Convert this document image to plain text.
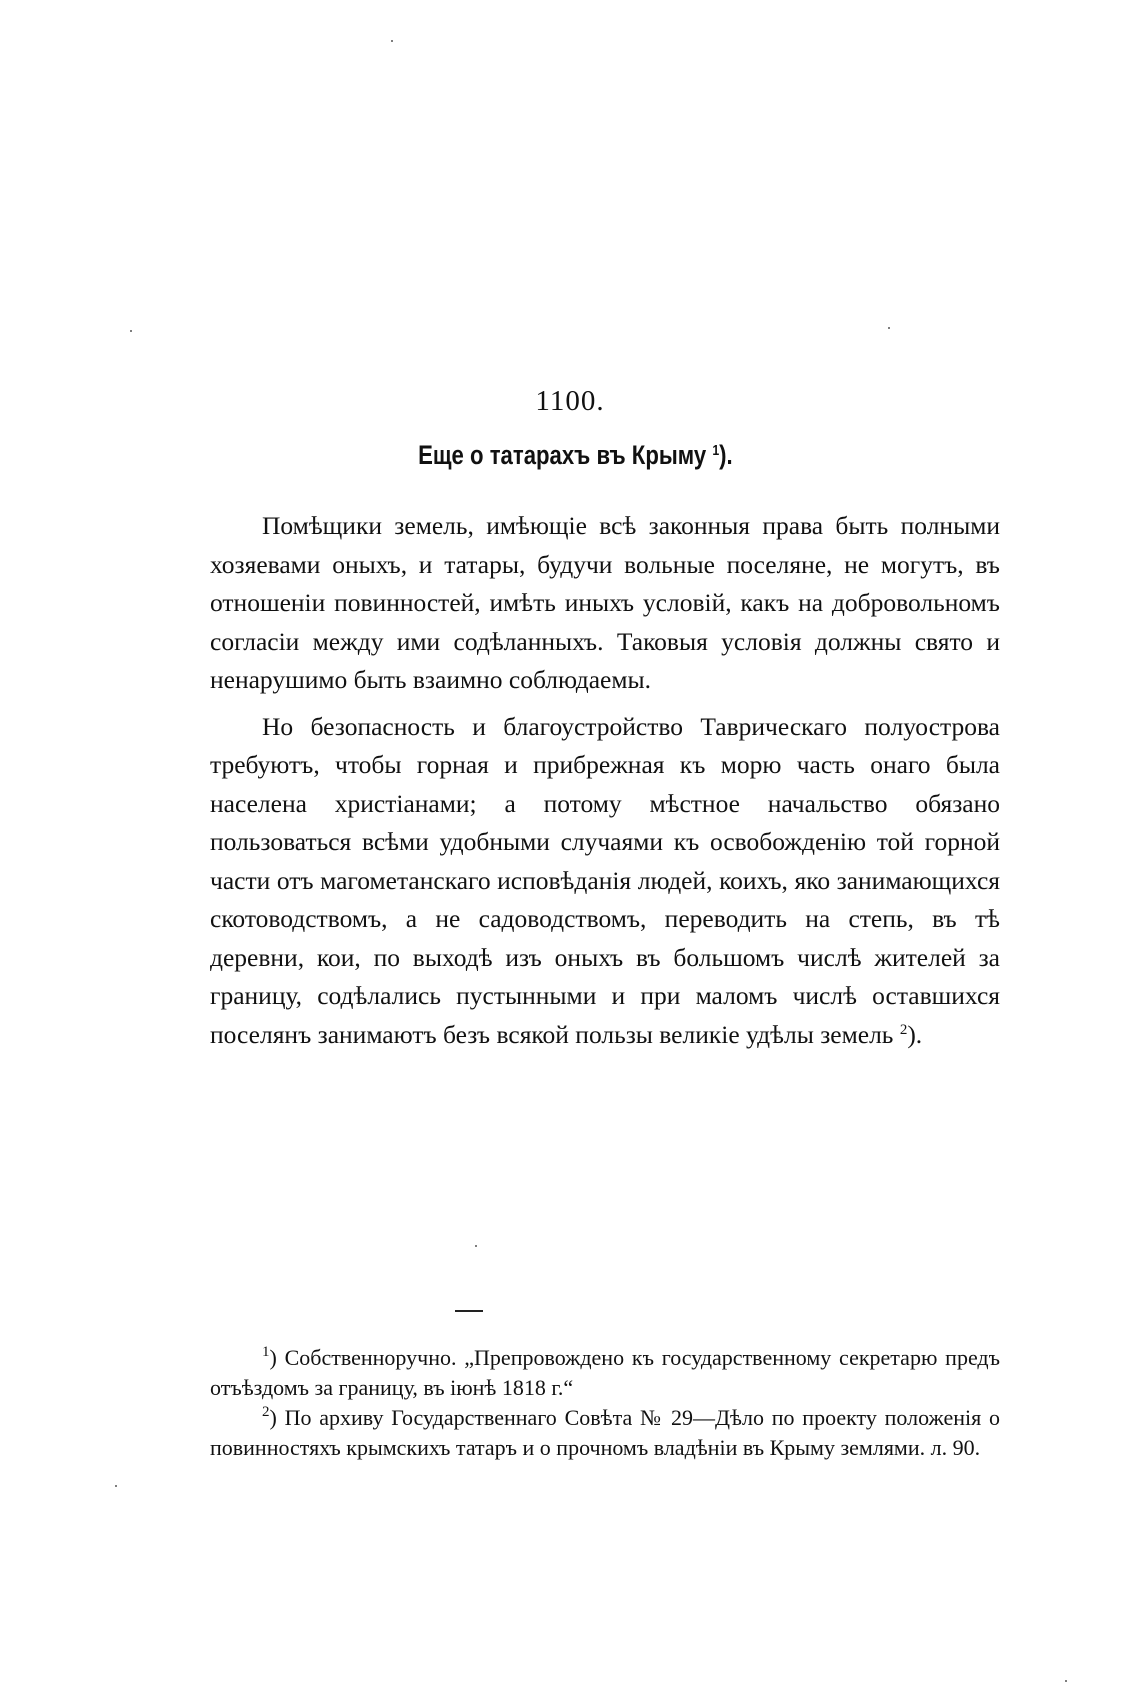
1100.
Еще о татарахъ въ Крыму $^1$).

Помѣщики земель, имѣющіе всѣ законныя права быть полными хозяевами оныхъ, и татары, будучи вольные поселяне, не могутъ, въ отношеніи повинностей, имѣть иныхъ условій, какъ на добровольномъ согласіи между ими содѣланныхъ. Таковыя условія должны свято и ненарушимо быть взаимно соблюдаемы.

Но безопасность и благоустройство Таврическаго полуострова требуютъ, чтобы горная и прибрежная къ морю часть онаго была населена христіанами; а потому мѣстное начальство обязано пользоваться всѣми удобными случаями къ освобожденію той горной части отъ магометанскаго исповѣданія людей, коихъ, яко занимающихся скотоводствомъ, а не садоводствомъ, переводить на степь, въ тѣ деревни, кои, по выходѣ изъ оныхъ въ большомъ числѣ жителей за границу, содѣлались пустынными и при маломъ числѣ оставшихся поселянъ занимаютъ безъ всякой пользы великіе удѣлы земель $^2$).

$^1$) Собственноручно. „Препровождено къ государственному секретарю предъ отъѣздомъ за границу, въ іюнѣ 1818 г.“

$^2$) По архиву Государственнаго Совѣта № 29—Дѣло по проекту положенія о повинностяхъ крымскихъ татаръ и о прочномъ владѣніи въ Крыму землями. л. 90.
